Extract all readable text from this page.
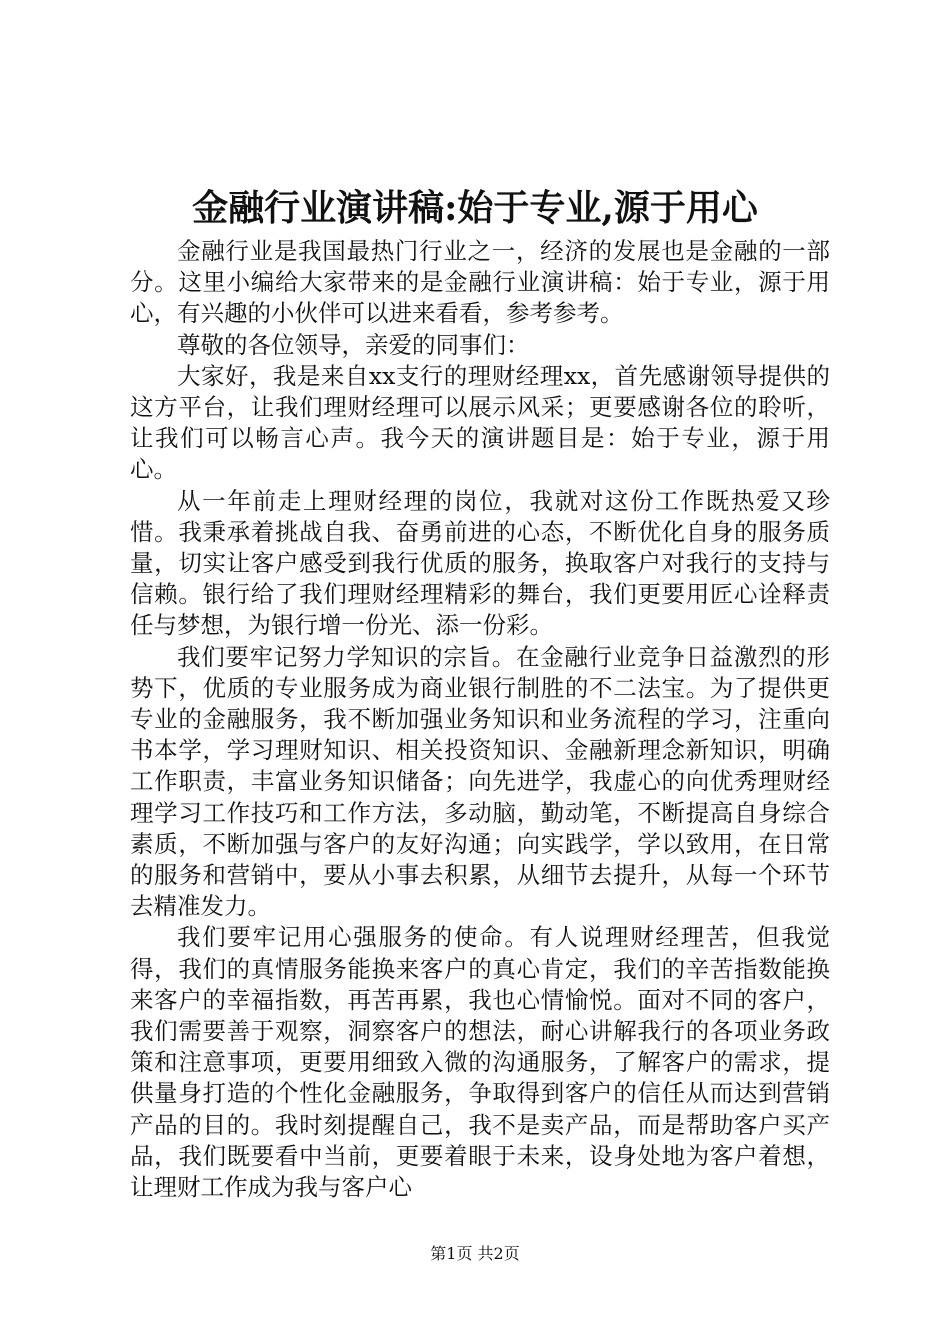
金融行业演讲稿:始于专业,源于用心

金融行业是我国最热门行业之一，经济的发展也是金融的一部分。这里小编给大家带来的是金融行业演讲稿：始于专业，源于用心，有兴趣的小伙伴可以进来看看，参考参考。

尊敬的各位领导，亲爱的同事们：

大家好，我是来自xx支行的理财经理xx，首先感谢领导提供的这方平台，让我们理财经理可以展示风采；更要感谢各位的聆听，让我们可以畅言心声。我今天的演讲题目是：始于专业，源于用心。

从一年前走上理财经理的岗位，我就对这份工作既热爱又珍惜。我秉承着挑战自我、奋勇前进的心态，不断优化自身的服务质量，切实让客户感受到我行优质的服务，换取客户对我行的支持与信赖。银行给了我们理财经理精彩的舞台，我们更要用匠心诠释责任与梦想，为银行增一份光、添一份彩。

我们要牢记努力学知识的宗旨。在金融行业竞争日益激烈的形势下，优质的专业服务成为商业银行制胜的不二法宝。为了提供更专业的金融服务，我不断加强业务知识和业务流程的学习，注重向书本学，学习理财知识、相关投资知识、金融新理念新知识，明确工作职责，丰富业务知识储备；向先进学，我虚心的向优秀理财经理学习工作技巧和工作方法，多动脑，勤动笔，不断提高自身综合素质，不断加强与客户的友好沟通；向实践学，学以致用，在日常的服务和营销中，要从小事去积累，从细节去提升，从每一个环节去精准发力。

我们要牢记用心强服务的使命。有人说理财经理苦，但我觉得，我们的真情服务能换来客户的真心肯定，我们的辛苦指数能换来客户的幸福指数，再苦再累，我也心情愉悦。面对不同的客户，我们需要善于观察，洞察客户的想法，耐心讲解我行的各项业务政策和注意事项，更要用细致入微的沟通服务，了解客户的需求，提供量身打造的个性化金融服务，争取得到客户的信任从而达到营销产品的目的。我时刻提醒自己，我不是卖产品，而是帮助客户买产品，我们既要看中当前，更要着眼于未来，设身处地为客户着想，让理财工作成为我与客户心

第1页 共2页
